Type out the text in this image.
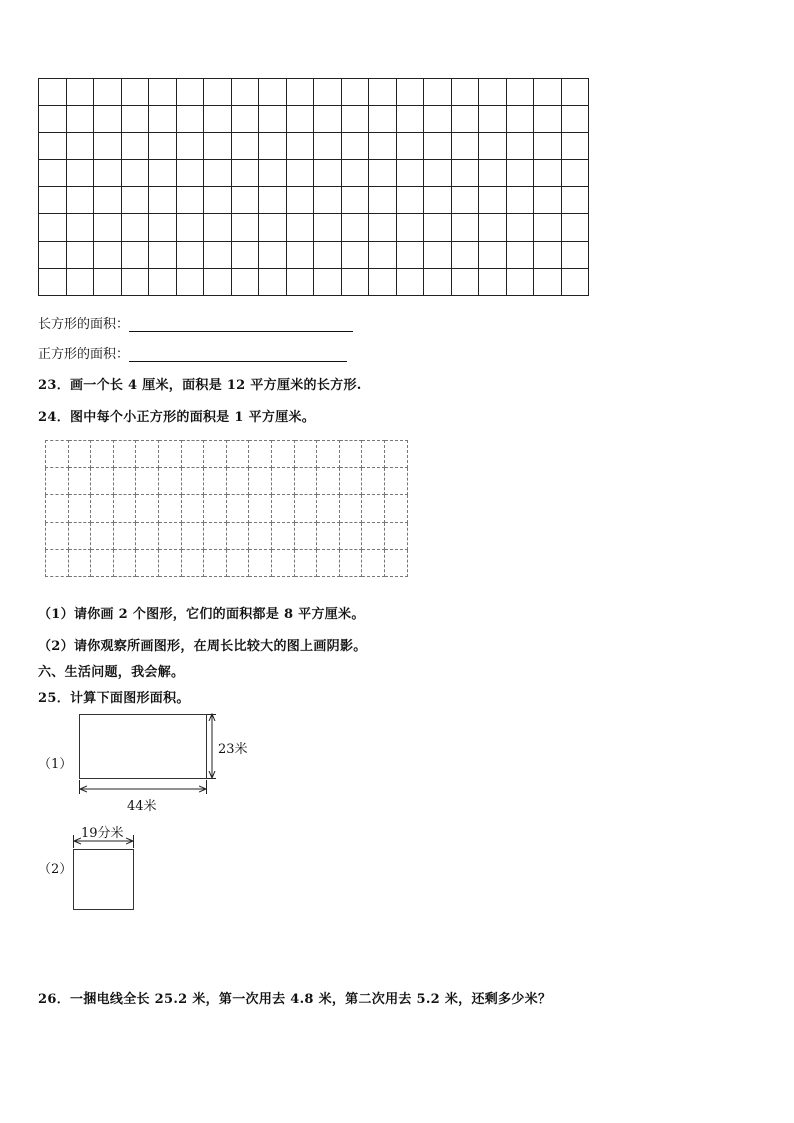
长方形的面积：
正方形的面积：
23．画一个长 4 厘米，面积是 12 平方厘米的长方形.
24．图中每个小正方形的面积是 1 平方厘米。

（1）请你画 2 个图形，它们的面积都是 8 平方厘米。
（2）请你观察所画图形，在周长比较大的图上画阴影。
六、生活问题，我会解。
25．计算下面图形面积。
（1）
23米
44米
19分米
（2）
26．一捆电线全长 25.2 米，第一次用去 4.8 米，第二次用去 5.2 米，还剩多少米？
